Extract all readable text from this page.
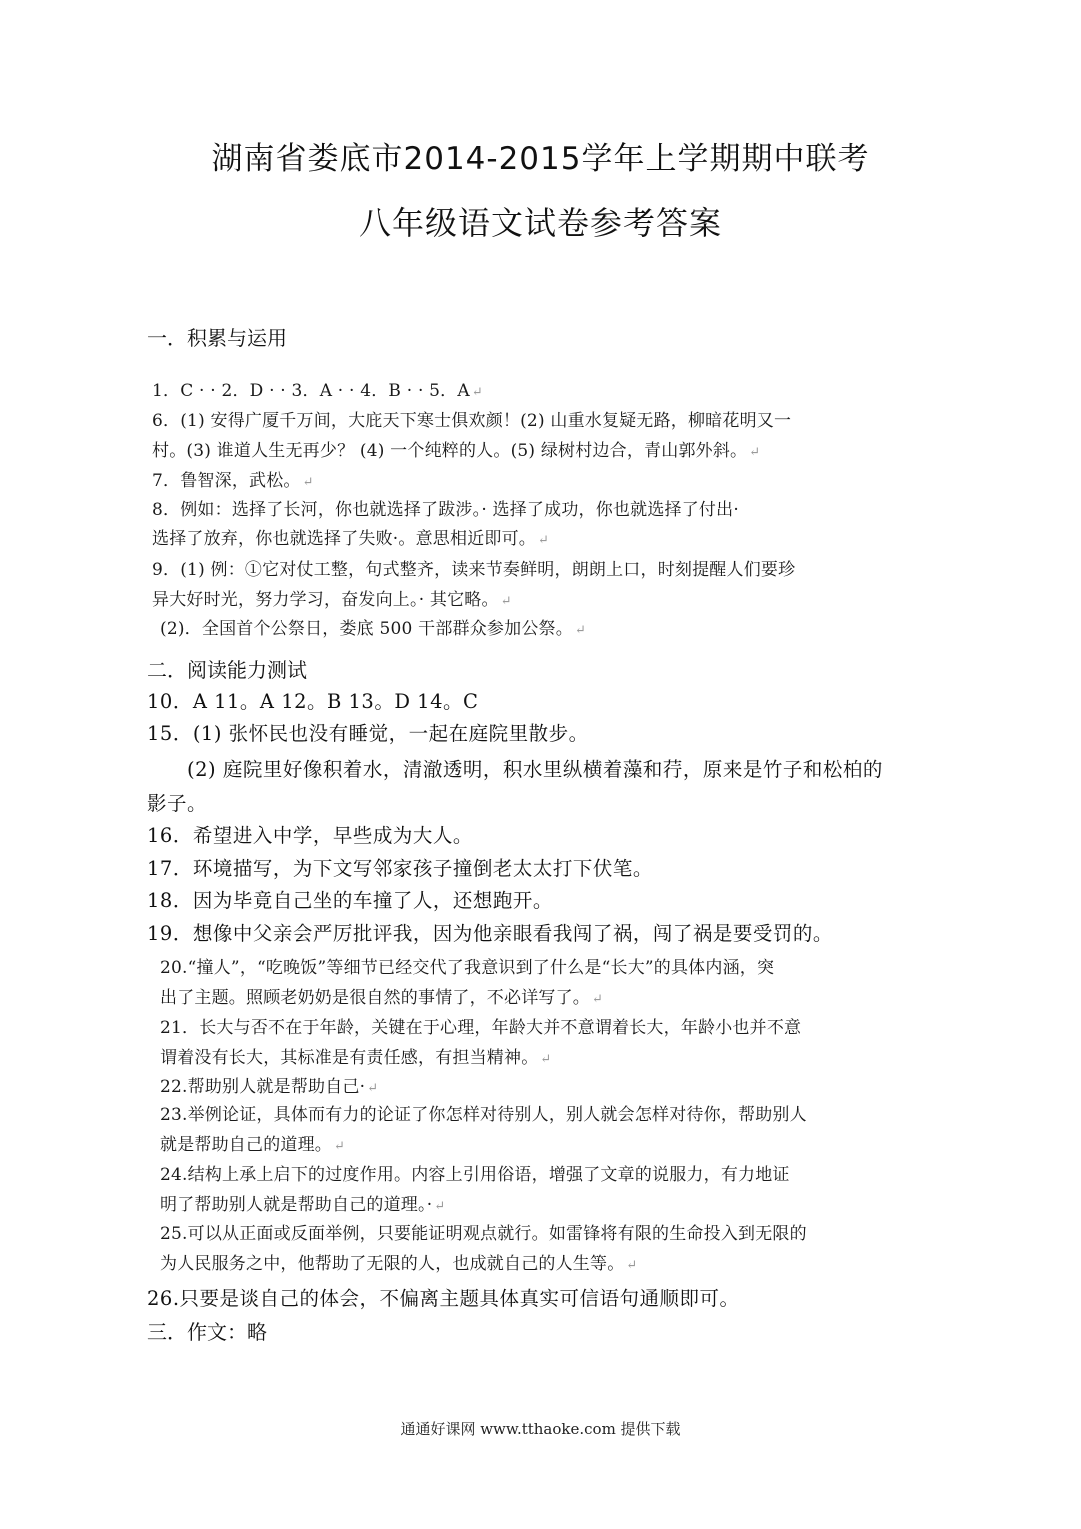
湖南省娄底市2014-2015学年上学期期中联考
八年级语文试卷参考答案
一．积累与运用
1．C · · 2．D · · 3．A · · 4．B · · 5．A ↵
6．(1) 安得广厦千万间，大庇天下寒士俱欢颜！(2) 山重水复疑无路，柳暗花明又一
村。(3) 谁道人生无再少？ (4) 一个纯粹的人。(5) 绿树村边合，青山郭外斜。 ↵
7．鲁智深，武松。 ↵
8．例如：选择了长河，你也就选择了跋涉。· 选择了成功，你也就选择了付出·
选择了放弃，你也就选择了失败·。意思相近即可。 ↵
9．(1) 例：①它对仗工整，句式整齐，读来节奏鲜明，朗朗上口，时刻提醒人们要珍
异大好时光，努力学习，奋发向上。· 其它略。 ↵
(2)．全国首个公祭日，娄底 500 干部群众参加公祭。 ↵
二．阅读能力测试
10．A 11。A 12。B 13。D 14。C
15．(1) 张怀民也没有睡觉，一起在庭院里散步。
(2) 庭院里好像积着水，清澈透明，积水里纵横着藻和荇，原来是竹子和松柏的
影子。
16．希望进入中学，早些成为大人。
17．环境描写，为下文写邻家孩子撞倒老太太打下伏笔。
18．因为毕竟自己坐的车撞了人，还想跑开。
19．想像中父亲会严厉批评我，因为他亲眼看我闯了祸，闯了祸是要受罚的。
20.“撞人”，“吃晚饭”等细节已经交代了我意识到了什么是“长大”的具体内涵，突
出了主题。照顾老奶奶是很自然的事情了，不必详写了。 ↵
21．长大与否不在于年龄，关键在于心理，年龄大并不意谓着长大，年龄小也并不意
谓着没有长大，其标准是有责任感，有担当精神。 ↵
22.帮助别人就是帮助自己· ↵
23.举例论证，具体而有力的论证了你怎样对待别人，别人就会怎样对待你，帮助别人
就是帮助自己的道理。 ↵
24.结构上承上启下的过度作用。内容上引用俗语，增强了文章的说服力，有力地证
明了帮助别人就是帮助自己的道理。· ↵
25.可以从正面或反面举例，只要能证明观点就行。如雷锋将有限的生命投入到无限的
为人民服务之中，他帮助了无限的人，也成就自己的人生等。 ↵
26.只要是谈自己的体会，不偏离主题具体真实可信语句通顺即可。
三．作文：略
通通好课网 www.tthaoke.com 提供下载
